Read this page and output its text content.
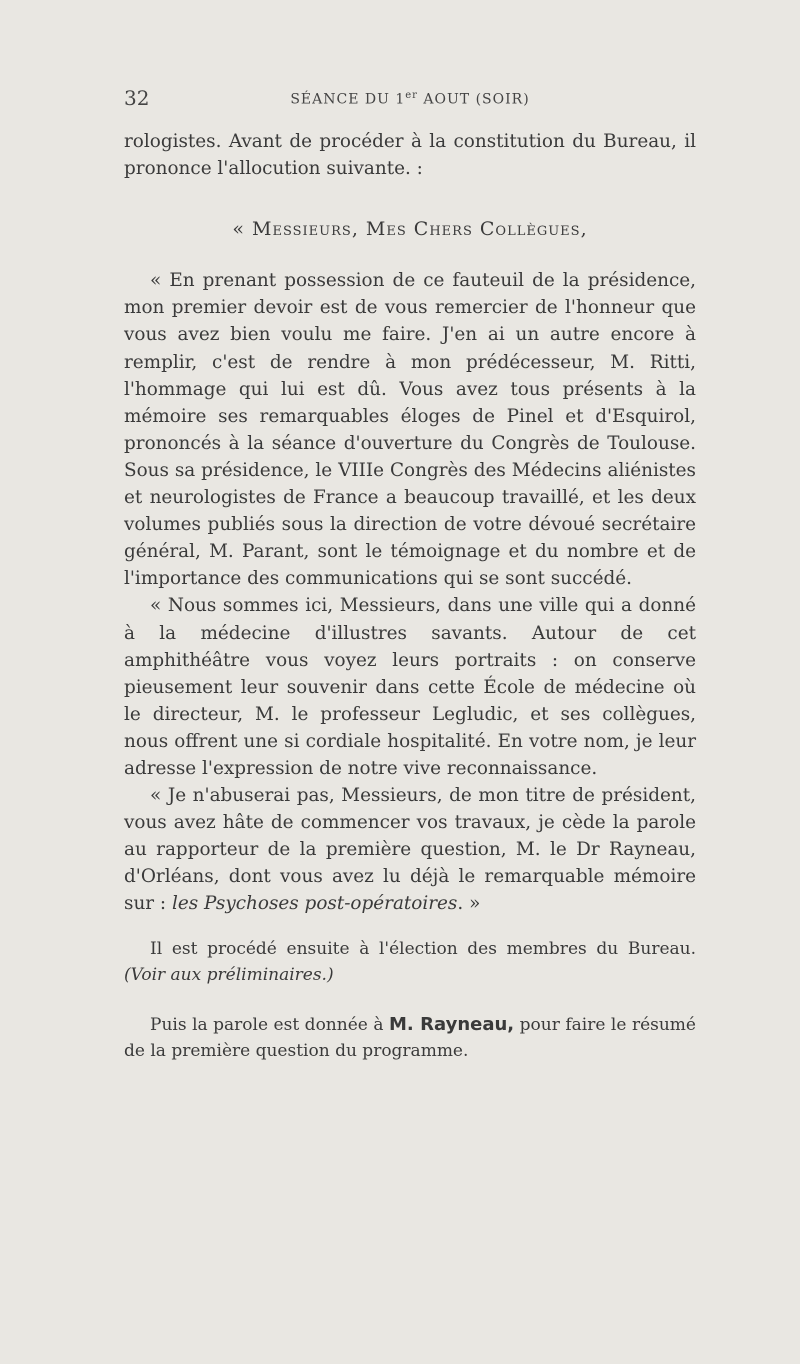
32	SÉANCE DU 1er AOUT (SOIR)

rologistes. Avant de procéder à la constitution du Bureau, il prononce l'allocution suivante. :

« Messieurs, Mes Chers Collègues,

« En prenant possession de ce fauteuil de la présidence, mon premier devoir est de vous remercier de l'honneur que vous avez bien voulu me faire. J'en ai un autre encore à remplir, c'est de rendre à mon prédécesseur, M. Ritti, l'hommage qui lui est dû. Vous avez tous présents à la mémoire ses remarquables éloges de Pinel et d'Esquirol, prononcés à la séance d'ouverture du Congrès de Toulouse. Sous sa présidence, le VIIIe Congrès des Médecins aliénistes et neurologistes de France a beaucoup travaillé, et les deux volumes publiés sous la direction de votre dévoué secrétaire général, M. Parant, sont le témoignage et du nombre et de l'importance des communications qui se sont succédé.

« Nous sommes ici, Messieurs, dans une ville qui a donné à la médecine d'illustres savants. Autour de cet amphithéâtre vous voyez leurs portraits : on conserve pieusement leur souvenir dans cette École de médecine où le directeur, M. le professeur Legludic, et ses collègues, nous offrent une si cordiale hospitalité. En votre nom, je leur adresse l'expression de notre vive reconnaissance.

« Je n'abuserai pas, Messieurs, de mon titre de président, vous avez hâte de commencer vos travaux, je cède la parole au rapporteur de la première question, M. le Dr Rayneau, d'Orléans, dont vous avez lu déjà le remarquable mémoire sur : les Psychoses post-opératoires. »

Il est procédé ensuite à l'élection des membres du Bureau. (Voir aux préliminaires.)

Puis la parole est donnée à M. Rayneau, pour faire le résumé de la première question du programme.
